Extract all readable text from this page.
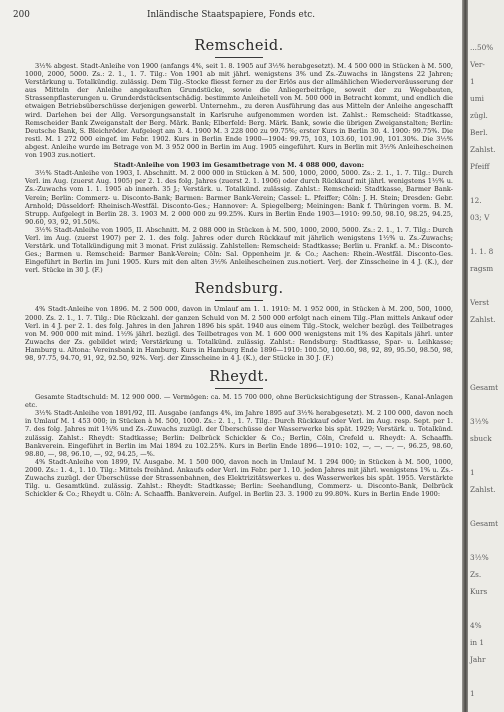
200	Inländische Staatspapiere, Fonds etc.
Remscheid.

3½% abgest. Stadt-Anleihe von 1900 (anfangs 4%, seit 1. 8. 1905 auf 3½% herabgesetzt). M. 4 500 000 in Stücken à M. 500, 1000, 2000, 5000. Zs.: 2. 1., 1. 7. Tilg.: Von 1901 ab mit jährl. wenigstens 3% und Zs.-Zuwachs in längstens 22 Jahren; Verstärkung u. Totalkündig. zulässig. Dem Tilg.-Stocke fliesst ferner zu der Erlös aus der allmählichen Wiederveräusserung der aus Mitteln der Anleihe angekauften Grundstücke, sowie die Anliegerbeiträge, soweit der zu Wegebauten, Strassenpflasterungen u. Grunderdstücksentschädig. bestimmte Anleihetell von M. 500 000 in Betracht kommt, und endlich die etwaigen Betriebsüberschüsse derjenigen gewerbl. Unternehm., zu deren Ausführung das aus Mitteln der Anleihe angeschafft wird. Darlehen bei der Allg. Versorgungsanstalt in Karlsruhe aufgenommen worden ist. Zahlst.: Remscheid: Stadtkasse, Remscheider Bank Zweiganstalt der Berg. Märk. Bank; Elberfeld: Berg. Märk. Bank, sowie die übrigen Zweiganstalten; Berlin: Deutsche Bank, S. Bleichröder. Aufgelegt am 3. 4. 1900 M. 3 228 000 zu 99.75%; erster Kurs in Berlin 30. 4. 1900: 99.75%. Die restl. M. 1 272 000 eingef. im Febr. 1902. Kurs in Berlin Ende 1900—1904: 99.75, 103, 103.60, 101.90, 101.30%. Die 3½% abgest. Anleihe wurde im Betrage von M. 3 952 000 in Berlin im Aug. 1905 eingeführt. Kurs in Berlin mit 3½% Anleihescheinen von 1903 zus.notiert.

Stadt-Anleihe von 1903 im Gesamtbetrage von M. 4 088 000, davon:

3½% Stadt-Anleihe von 1903, I. Abschnitt. M. 2 000 000 in Stücken à M. 500, 1000, 2000, 5000. Zs.: 2. 1., 1. 7. Tilg.: Durch Verl. im Aug. (zuerst Aug. 1905) per 2. 1. des folg. Jahres (zuerst 2. 1. 1906) oder durch Rückkauf mit jährl. wenigstens 1½% u. Zs.-Zuwachs vom 1. 1. 1905 ab innerh. 35 J.; Verstärk. u. Totalkünd. zulässig. Zahlst.: Remscheid: Stadtkasse, Barmer Bank-Verein; Berlin: Commerz- u. Disconto-Bank; Barmen: Barmer Bank-Verein; Cassel: L. Pfeiffer; Cöln: J. H. Stein; Dresden: Gebr. Arnhold; Düsseldorf: Rheinisch-Westfäl. Disconto-Ges.; Hannover: A. Spiegelberg; Meiningen: Bank f. Thüringen vorm. B. M. Strupp. Aufgelegt in Berlin 28. 3. 1903 M. 2 000 000 zu 99.25%. Kurs in Berlin Ende 1903—1910: 99.50, 98.10, 98.25, 94.25, 90.60, 93, 92, 91.50%.

3½% Stadt-Anleihe von 1905, II. Abschnitt. M. 2 088 000 in Stücken à M. 500, 1000, 2000, 5000. Zs.: 2. 1., 1. 7. Tilg.: Durch Verl. im Aug. (zuerst 1907) per 2. 1. des folg. Jahres oder durch Rückkauf mit jährlich wenigstens 1½% u. Zs.-Zuwachs; Verstärk. und Totalkündigung mit 3 monat. Frist zulässig. Zahlstellen: Remscheid: Stadtkasse; Berlin u. Frankf. a. M.: Disconto-Ges.; Barmen u. Remscheid: Barmer Bank-Verein; Cöln: Sal. Oppenheim jr. & Co.; Aachen: Rhein.-Westfäl. Disconto-Ges. Eingeführt in Berlin im Juni 1905. Kurs mit den alten 3½% Anleihescheinen zus.notiert. Verj. der Zinsscheine in 4 J. (K.), der verl. Stücke in 30 J. (F.)

Rendsburg.

4% Stadt-Anleihe von 1896. M. 2 500 000, davon in Umlauf am 1. 1. 1910: M. 1 952 000, in Stücken à M. 200, 500, 1000, 2000. Zs. 2. 1., 1. 7. Tilg.: Die Rückzahl. der ganzen Schuld von M. 2 500 000 erfolgt nach einem Tilg.-Plan mittels Ankauf oder Verl. in 4 J. per 2. 1. des folg. Jahres in den Jahren 1896 bis spät. 1940 aus einem Tilg.-Stock, welcher bezügl. des Teilbetrages von M. 900 000 mit mind. 1½% jährl. bezügl. des Teilbetrages von M. 1 600 000 wenigstens mit 1% des Kapitals jährl. unter Zuwachs der Zs. gebildet wird; Verstärkung u. Totalkünd. zulässig. Zahlst.: Rendsburg: Stadtkasse, Spar- u. Leihkasse; Hamburg u. Altona: Vereinsbank in Hamburg. Kurs in Hamburg Ende 1896—1910: 100.50, 100.60, 98, 92, 89, 95.50, 98.50, 98, 98, 97.75, 94.70, 91, 92, 92.50, 92%. Verj. der Zinsscheine in 4 J. (K.), der Stücke in 30 J. (F.)

Rheydt.

Gesamte Stadtschuld: M. 12 900 000. — Vermögen: ca. M. 15 700 000, ohne Berücksichtigung der Strassen-, Kanal-Anlagen etc.

3½% Stadt-Anleihe von 1891/92, III. Ausgabe (anfangs 4%, im Jahre 1895 auf 3½% herabgesetzt). M. 2 100 000, davon noch in Umlauf M. 1 453 000; in Stücken à M. 500, 1000. Zs.: 2. 1., 1. 7. Tilg.: Durch Rückkauf oder Verl. im Aug. resp. Sept. per 1. 7. des folg. Jahres mit 1¾% und Zs.-Zuwachs zuzügl. der Überschüsse der Wasserwerke bis spät. 1929; Verstärk. u. Totalkünd. zulässig. Zahlst.: Rheydt: Stadtkasse; Berlin: Delbrück Schickler & Co.; Berlin, Cöln, Crefeld u. Rheydt: A. Schaaffh. Bankverein. Eingeführt in Berlin im Mai 1894 zu 102.25%. Kurs in Berlin Ende 1896—1910: 102, —, —, —, —, 96.25, 98.60, 98.80, —, 98, 96.10, —, 92, 94.25, —%.

4% Stadt-Anleihe von 1899, IV. Ausgabe. M. 1 500 000, davon noch in Umlauf M. 1 294 000; in Stücken à M. 500, 1000, 2000. Zs.: 1. 4., 1. 10. Tilg.: Mittels freihänd. Ankaufs oder Verl. im Febr. per 1. 10. jeden Jahres mit jährl. wenigstens 1% u. Zs.-Zuwachs zuzügl. der Überschüsse der Strassenbahnen, des Elektrizitätswerkes u. des Wasserwerkes bis spät. 1955. Verstärkte Tilg. u. Gesamtkünd. zulässig. Zahlst.: Rheydt: Stadtkasse; Berlin: Seehandlung, Commerz- u. Disconto-Bank, Delbrück Schickler & Co.; Rheydt u. Cöln: A. Schaaffh. Bankverein. Aufgel. in Berlin 23. 3. 1900 zu 99.80%. Kurs in Berlin Ende 1900:

...50%
Ver-
1
umi
zügl.
Berl.
Zahlst.
Pfeiff
12.
03; V
1. 1. 8
ragsm
Verst
Zahlst.
Gesamt
3½%
sbuck
1
Zahlst.
Gesamt
3½%
Zs.
Kurs
4%
in 1
Jahr
1
